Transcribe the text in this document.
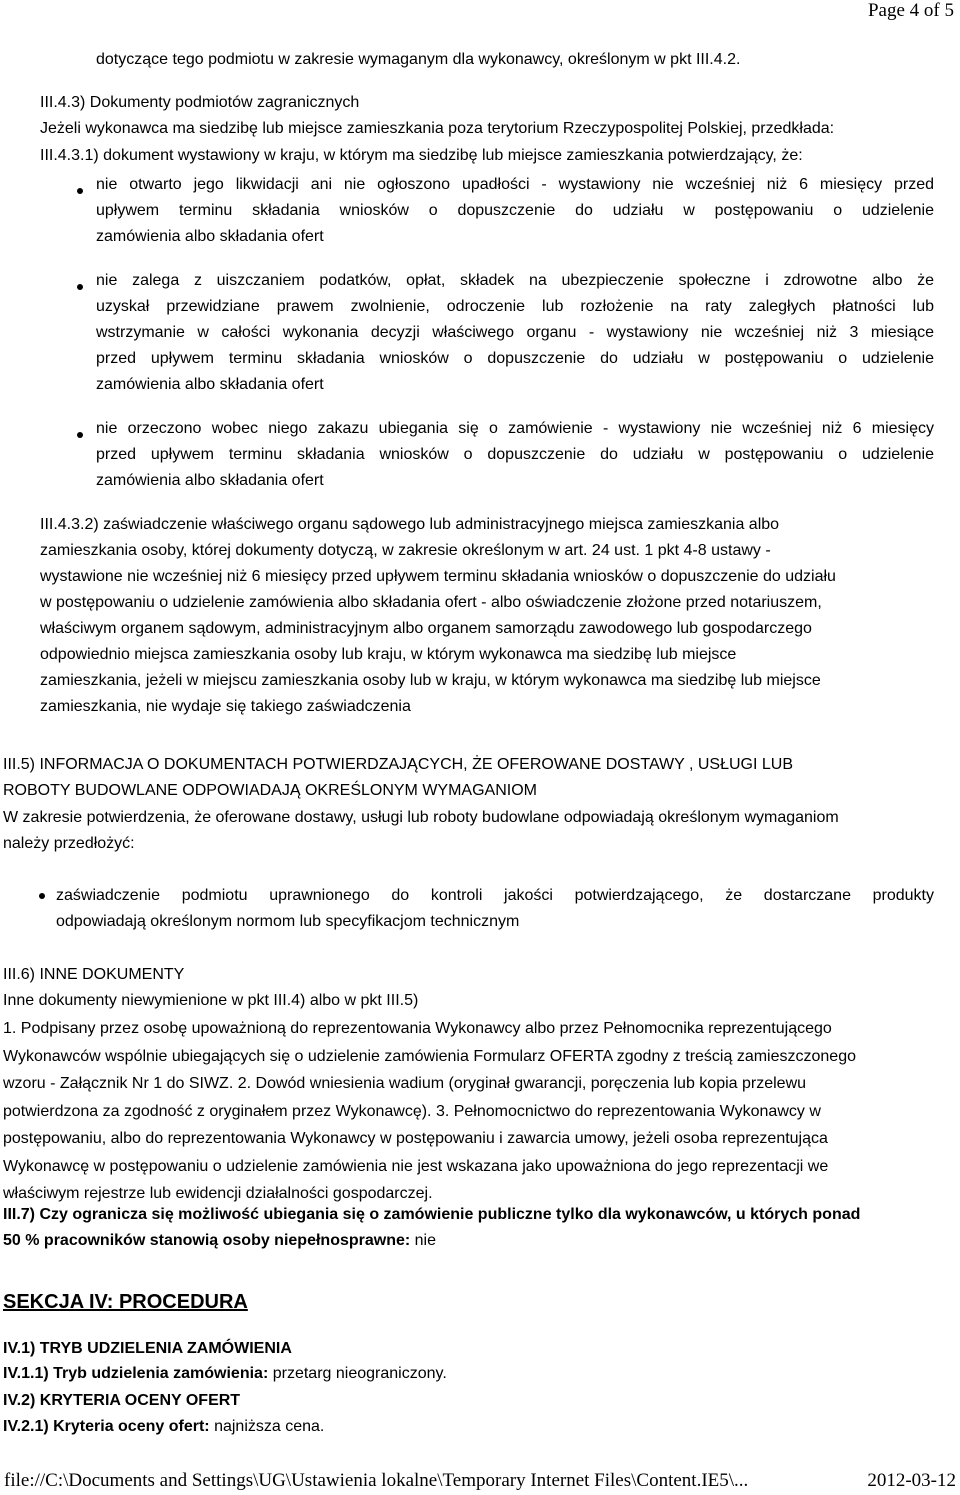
Page 4 of 5
dotyczące tego podmiotu w zakresie wymaganym dla wykonawcy, określonym w pkt III.4.2.
III.4.3) Dokumenty podmiotów zagranicznych
Jeżeli wykonawca ma siedzibę lub miejsce zamieszkania poza terytorium Rzeczypospolitej Polskiej, przedkłada:
III.4.3.1) dokument wystawiony w kraju, w którym ma siedzibę lub miejsce zamieszkania potwierdzający, że:
nie otwarto jego likwidacji ani nie ogłoszono upadłości - wystawiony nie wcześniej niż 6 miesięcy przed
upływem terminu składania wniosków o dopuszczenie do udziału w postępowaniu o udzielenie
zamówienia albo składania ofert
nie zalega z uiszczaniem podatków, opłat, składek na ubezpieczenie społeczne i zdrowotne albo że
uzyskał przewidziane prawem zwolnienie, odroczenie lub rozłożenie na raty zaległych płatności lub
wstrzymanie w całości wykonania decyzji właściwego organu - wystawiony nie wcześniej niż 3 miesiące
przed upływem terminu składania wniosków o dopuszczenie do udziału w postępowaniu o udzielenie
zamówienia albo składania ofert
nie orzeczono wobec niego zakazu ubiegania się o zamówienie - wystawiony nie wcześniej niż 6 miesięcy
przed upływem terminu składania wniosków o dopuszczenie do udziału w postępowaniu o udzielenie
zamówienia albo składania ofert
III.4.3.2) zaświadczenie właściwego organu sądowego lub administracyjnego miejsca zamieszkania albo
zamieszkania osoby, której dokumenty dotyczą, w zakresie określonym w art. 24 ust. 1 pkt 4-8 ustawy -
wystawione nie wcześniej niż 6 miesięcy przed upływem terminu składania wniosków o dopuszczenie do udziału
w postępowaniu o udzielenie zamówienia albo składania ofert - albo oświadczenie złożone przed notariuszem,
właściwym organem sądowym, administracyjnym albo organem samorządu zawodowego lub gospodarczego
odpowiednio miejsca zamieszkania osoby lub kraju, w którym wykonawca ma siedzibę lub miejsce
zamieszkania, jeżeli w miejscu zamieszkania osoby lub w kraju, w którym wykonawca ma siedzibę lub miejsce
zamieszkania, nie wydaje się takiego zaświadczenia
III.5) INFORMACJA O DOKUMENTACH POTWIERDZAJĄCYCH, ŻE OFEROWANE DOSTAWY , USŁUGI LUB
ROBOTY BUDOWLANE ODPOWIADAJĄ OKREŚLONYM WYMAGANIOM
W zakresie potwierdzenia, że oferowane dostawy, usługi lub roboty budowlane odpowiadają określonym wymaganiom
należy przedłożyć:
zaświadczenie podmiotu uprawnionego do kontroli jakości potwierdzającego, że dostarczane produkty
odpowiadają określonym normom lub specyfikacjom technicznym
III.6) INNE DOKUMENTY
Inne dokumenty niewymienione w pkt III.4) albo w pkt III.5)
1. Podpisany przez osobę upoważnioną do reprezentowania Wykonawcy albo przez Pełnomocnika reprezentującego
Wykonawców wspólnie ubiegających się o udzielenie zamówienia Formularz OFERTA zgodny z treścią zamieszczonego
wzoru - Załącznik Nr 1 do SIWZ. 2. Dowód wniesienia wadium (oryginał gwarancji, poręczenia lub kopia przelewu
potwierdzona za zgodność z oryginałem przez Wykonawcę). 3. Pełnomocnictwo do reprezentowania Wykonawcy w
postępowaniu, albo do reprezentowania Wykonawcy w postępowaniu i zawarcia umowy, jeżeli osoba reprezentująca
Wykonawcę w postępowaniu o udzielenie zamówienia nie jest wskazana jako upoważniona do jego reprezentacji we
właściwym rejestrze lub ewidencji działalności gospodarczej.
III.7) Czy ogranicza się możliwość ubiegania się o zamówienie publiczne tylko dla wykonawców, u których ponad
50 % pracowników stanowią osoby niepełnosprawne: nie
SEKCJA IV: PROCEDURA
IV.1) TRYB UDZIELENIA ZAMÓWIENIA
IV.1.1) Tryb udzielenia zamówienia: przetarg nieograniczony.
IV.2) KRYTERIA OCENY OFERT
IV.2.1) Kryteria oceny ofert: najniższa cena.
file://C:\Documents and Settings\UG\Ustawienia lokalne\Temporary Internet Files\Content.IE5\...	2012-03-12
